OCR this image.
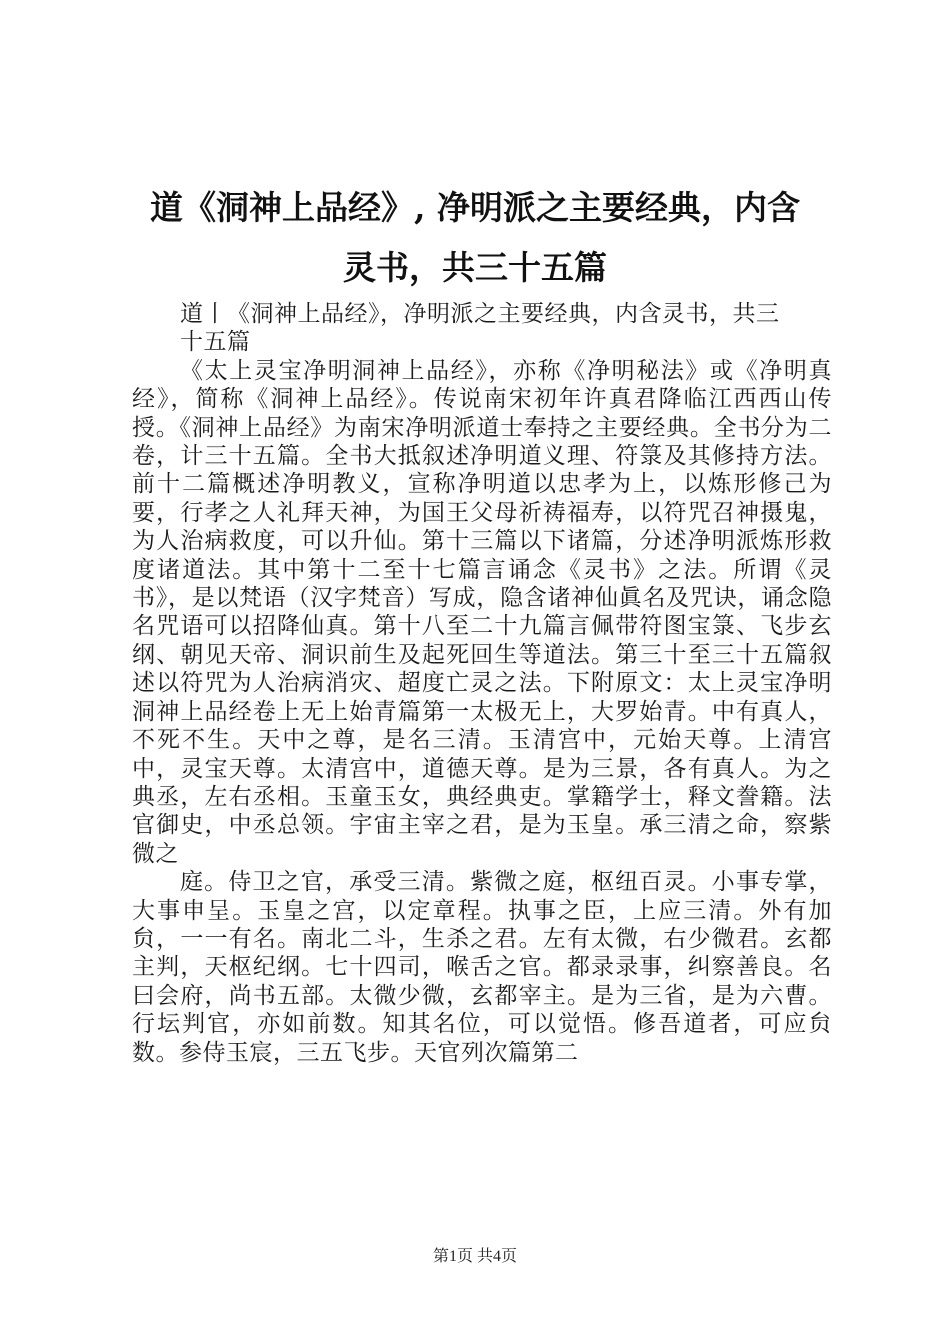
道《洞神上品经》, 净明派之主要经典，内含
灵书，共三十五篇

道丨《洞神上品经》，净明派之主要经典，内含灵书，共三

十五篇

《太上灵宝净明洞神上品经》，亦称《净明秘法》或《净明真经》，简称《洞神上品经》。传说南宋初年许真君降临江西西山传授。《洞神上品经》为南宋净明派道士奉持之主要经典。全书分为二卷，计三十五篇。全书大抵叙述净明道义理、符箓及其修持方法。前十二篇概述净明教义，宣称净明道以忠孝为上，以炼形修己为要，行孝之人礼拜天神，为国王父母祈祷福寿，以符咒召神摄鬼，为人治病救度，可以升仙。第十三篇以下诸篇，分述净明派炼形救度诸道法。其中第十二至十七篇言诵念《灵书》之法。所谓《灵书》，是以梵语（汉字梵音）写成，隐含诸神仙眞名及咒诀，诵念隐名咒语可以招降仙真。第十八至二十九篇言佩带符图宝箓、飞步玄纲、朝见天帝、洞识前生及起死回生等道法。第三十至三十五篇叙述以符咒为人治病消灾、超度亡灵之法。下附原文：太上灵宝净明洞神上品经卷上无上始青篇第一太极无上，大罗始青。中有真人，不死不生。天中之尊，是名三清。玉清宫中，元始天尊。上清宫中，灵宝天尊。太清宫中，道德天尊。是为三景，各有真人。为之典丞，左右丞相。玉童玉女，典经典吏。掌籍学士，释文誊籍。法官御史，中丞总领。宇宙主宰之君，是为玉皇。承三清之命，察紫微之

庭。侍卫之官，承受三清。紫微之庭，枢纽百灵。小事专掌，大事申呈。玉皇之宫，以定章程。执事之臣，上应三清。外有加贠，一一有名。南北二斗，生杀之君。左有太微，右少微君。玄都主判，天枢纪纲。七十四司，喉舌之官。都录录事，纠察善良。名曰会府，尚书五部。太微少微，玄都宰主。是为三省，是为六曹。行坛判官，亦如前数。知其名位，可以觉悟。修吾道者，可应贠数。参侍玉宸，三五飞步。天官列次篇第二

第1页 共4页
